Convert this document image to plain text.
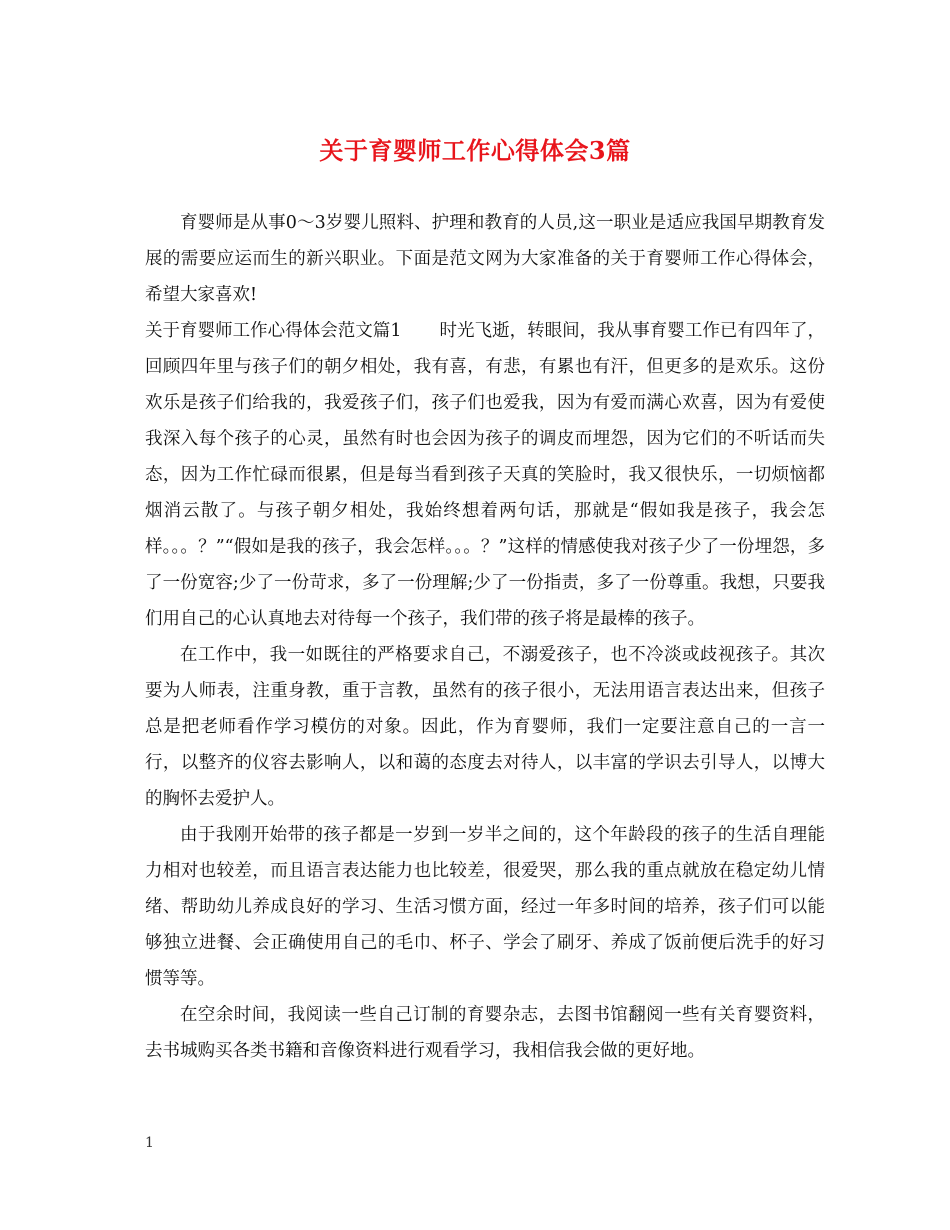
关于育婴师工作心得体会3篇

育婴师是从事0～3岁婴儿照料、护理和教育的人员,这一职业是适应我国早期教育发展的需要应运而生的新兴职业。下面是范文网为大家准备的关于育婴师工作心得体会，希望大家喜欢!

关于育婴师工作心得体会范文篇1 时光飞逝，转眼间，我从事育婴工作已有四年了，回顾四年里与孩子们的朝夕相处，我有喜，有悲，有累也有汗，但更多的是欢乐。这份欢乐是孩子们给我的，我爱孩子们，孩子们也爱我，因为有爱而满心欢喜，因为有爱使我深入每个孩子的心灵，虽然有时也会因为孩子的调皮而埋怨，因为它们的不听话而失态，因为工作忙碌而很累，但是每当看到孩子天真的笑脸时，我又很快乐，一切烦恼都烟消云散了。与孩子朝夕相处，我始终想着两句话，那就是“假如我是孩子，我会怎样。。。？”“假如是我的孩子，我会怎样。。。？”这样的情感使我对孩子少了一份埋怨，多了一份宽容;少了一份苛求，多了一份理解;少了一份指责，多了一份尊重。我想，只要我们用自己的心认真地去对待每一个孩子，我们带的孩子将是最棒的孩子。

在工作中，我一如既往的严格要求自己，不溺爱孩子，也不冷淡或歧视孩子。其次要为人师表，注重身教，重于言教，虽然有的孩子很小，无法用语言表达出来，但孩子总是把老师看作学习模仿的对象。因此，作为育婴师，我们一定要注意自己的一言一行，以整齐的仪容去影响人，以和蔼的态度去对待人，以丰富的学识去引导人，以博大的胸怀去爱护人。

由于我刚开始带的孩子都是一岁到一岁半之间的，这个年龄段的孩子的生活自理能力相对也较差，而且语言表达能力也比较差，很爱哭，那么我的重点就放在稳定幼儿情绪、帮助幼儿养成良好的学习、生活习惯方面，经过一年多时间的培养，孩子们可以能够独立进餐、会正确使用自己的毛巾、杯子、学会了刷牙、养成了饭前便后洗手的好习惯等等。

在空余时间，我阅读一些自己订制的育婴杂志，去图书馆翻阅一些有关育婴资料，去书城购买各类书籍和音像资料进行观看学习，我相信我会做的更好地。

1
